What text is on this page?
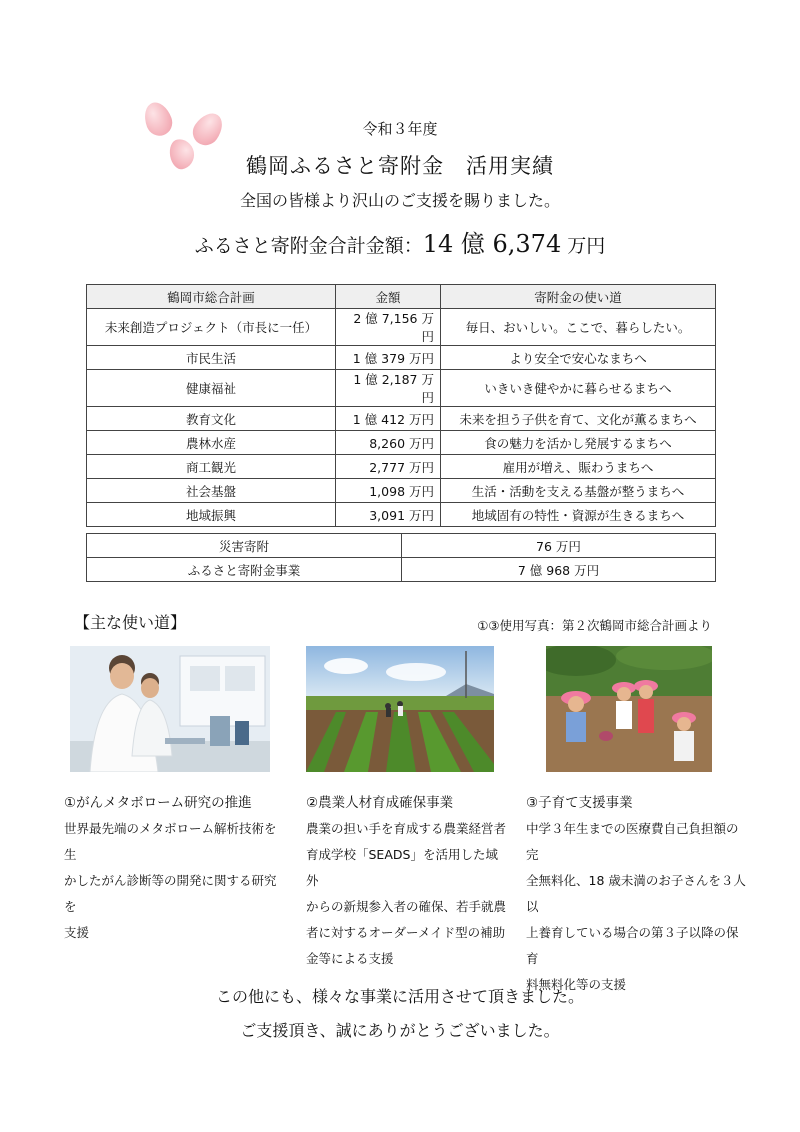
令和３年度
鶴岡ふるさと寄附金　活用実績
全国の皆様より沢山のご支援を賜りました。
ふるさと寄附金合計金額：14 億 6,374 万円
鶴岡市総合計画	金額	寄附金の使い道
未来創造プロジェクト（市長に一任）	2 億 7,156 万円	毎日、おいしい。ここで、暮らしたい。
市民生活	1 億 379 万円	より安全で安心なまちへ
健康福祉	1 億 2,187 万円	いきいき健やかに暮らせるまちへ
教育文化	1 億 412 万円	未来を担う子供を育て、文化が薫るまちへ
農林水産	8,260 万円	食の魅力を活かし発展するまちへ
商工観光	2,777 万円	雇用が増え、賑わうまちへ
社会基盤	1,098 万円	生活・活動を支える基盤が整うまちへ
地域振興	3,091 万円	地域固有の特性・資源が生きるまちへ
災害寄附	76 万円
ふるさと寄附金事業	7 億 968 万円
【主な使い道】	①③使用写真：第２次鶴岡市総合計画より
①がんメタボローム研究の推進
世界最先端のメタボローム解析技術を生
かしたがん診断等の開発に関する研究を
支援
②農業人材育成確保事業
農業の担い手を育成する農業経営者
育成学校「SEADS」を活用した域外
からの新規参入者の確保、若手就農
者に対するオーダーメイド型の補助
金等による支援
③子育て支援事業
中学３年生までの医療費自己負担額の完
全無料化、18 歳未満のお子さんを３人以
上養育している場合の第３子以降の保育
料無料化等の支援
この他にも、様々な事業に活用させて頂きました。
ご支援頂き、誠にありがとうございました。
